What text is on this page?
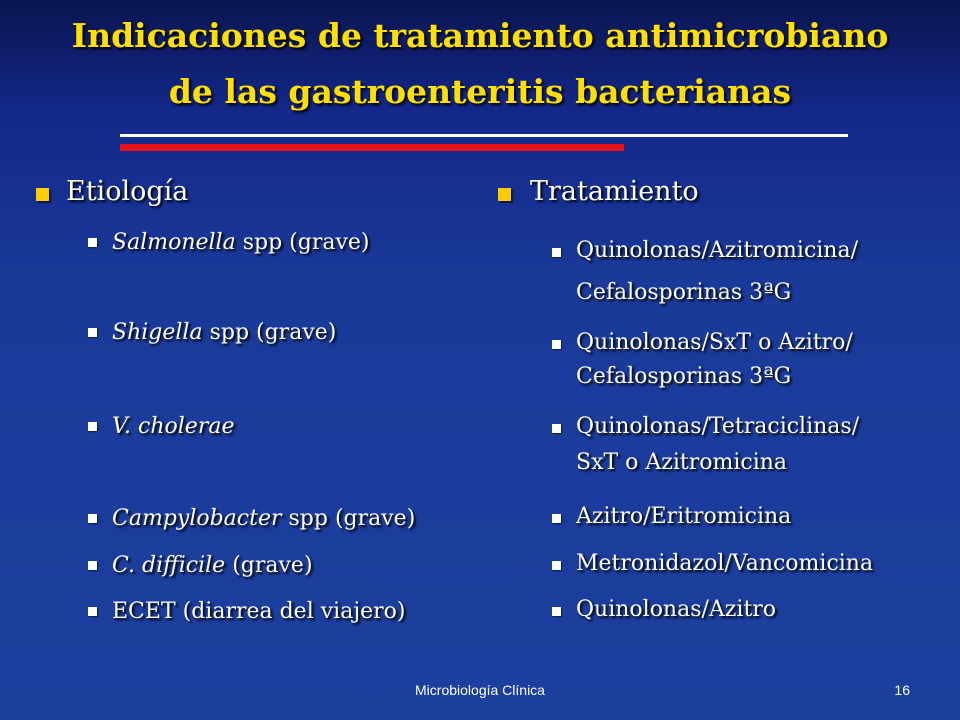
Indicaciones de tratamiento antimicrobiano
de las gastroenteritis bacterianas
Etiología
Salmonella spp (grave)
Shigella spp (grave)
V. cholerae
Campylobacter spp (grave)
C. difficile (grave)
ECET (diarrea del viajero)
Tratamiento
Quinolonas/Azitromicina/
Cefalosporinas 3ªG
Quinolonas/SxT o Azitro/
Cefalosporinas 3ªG
Quinolonas/Tetraciclinas/
SxT o Azitromicina
Azitro/Eritromicina
Metronidazol/Vancomicina
Quinolonas/Azitro
Microbiología Clínica	16
